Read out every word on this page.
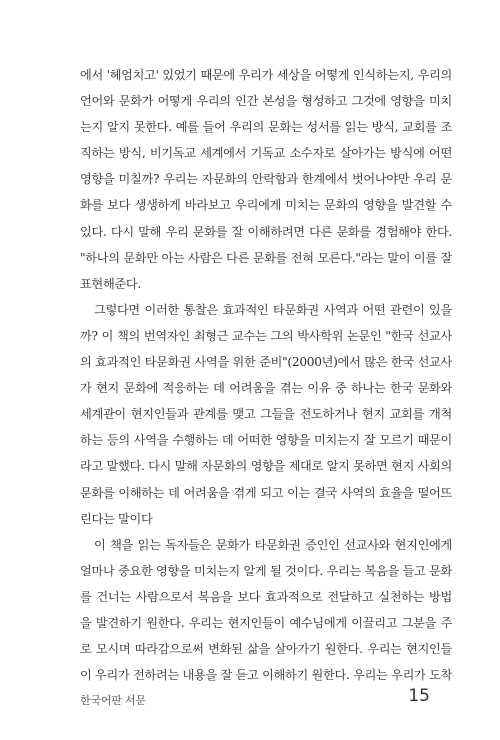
에서 '헤엄치고' 있었기 때문에 우리가 세상을 어떻게 인식하는지, 우리의
언어와 문화가 어떻게 우리의 인간 본성을 형성하고 그것에 영향을 미치
는지 알지 못한다. 예를 들어 우리의 문화는 성서를 읽는 방식, 교회를 조
직하는 방식, 비기독교 세계에서 기독교 소수자로 살아가는 방식에 어떤
영향을 미칠까? 우리는 자문화의 안락함과 한계에서 벗어나야만 우리 문
화를 보다 생생하게 바라보고 우리에게 미치는 문화의 영향을 발견할 수
있다. 다시 말해 우리 문화를 잘 이해하려면 다른 문화를 경험해야 한다.
"하나의 문화만 아는 사람은 다른 문화를 전혀 모른다."라는 말이 이를 잘
표현해준다.

그렇다면 이러한 통찰은 효과적인 타문화권 사역과 어떤 관련이 있을
까? 이 책의 번역자인 최형근 교수는 그의 박사학위 논문인 "한국 선교사
의 효과적인 타문화권 사역을 위한 준비"(2000년)에서 많은 한국 선교사
가 현지 문화에 적응하는 데 어려움을 겪는 이유 중 하나는 한국 문화와
세계관이 현지인들과 관계를 맺고 그들을 전도하거나 현지 교회를 개척
하는 등의 사역을 수행하는 데 어떠한 영향을 미치는지 잘 모르기 때문이
라고 말했다. 다시 말해 자문화의 영향을 제대로 알지 못하면 현지 사회의
문화를 이해하는 데 어려움을 겪게 되고 이는 결국 사역의 효율을 떨어뜨
린다는 말이다

이 책을 읽는 독자들은 문화가 타문화권 증인인 선교사와 현지인에게
얼마나 중요한 영향을 미치는지 알게 될 것이다. 우리는 복음을 들고 문화
를 건너는 사람으로서 복음을 보다 효과적으로 전달하고 실천하는 방법
을 발견하기 원한다. 우리는 현지인들이 예수님에게 이끌리고 그분을 주
로 모시며 따라감으로써 변화된 삶을 살아가기 원한다. 우리는 현지인들
이 우리가 전하려는 내용을 잘 듣고 이해하기 원한다. 우리는 우리가 도착

한국어판 서문	15
